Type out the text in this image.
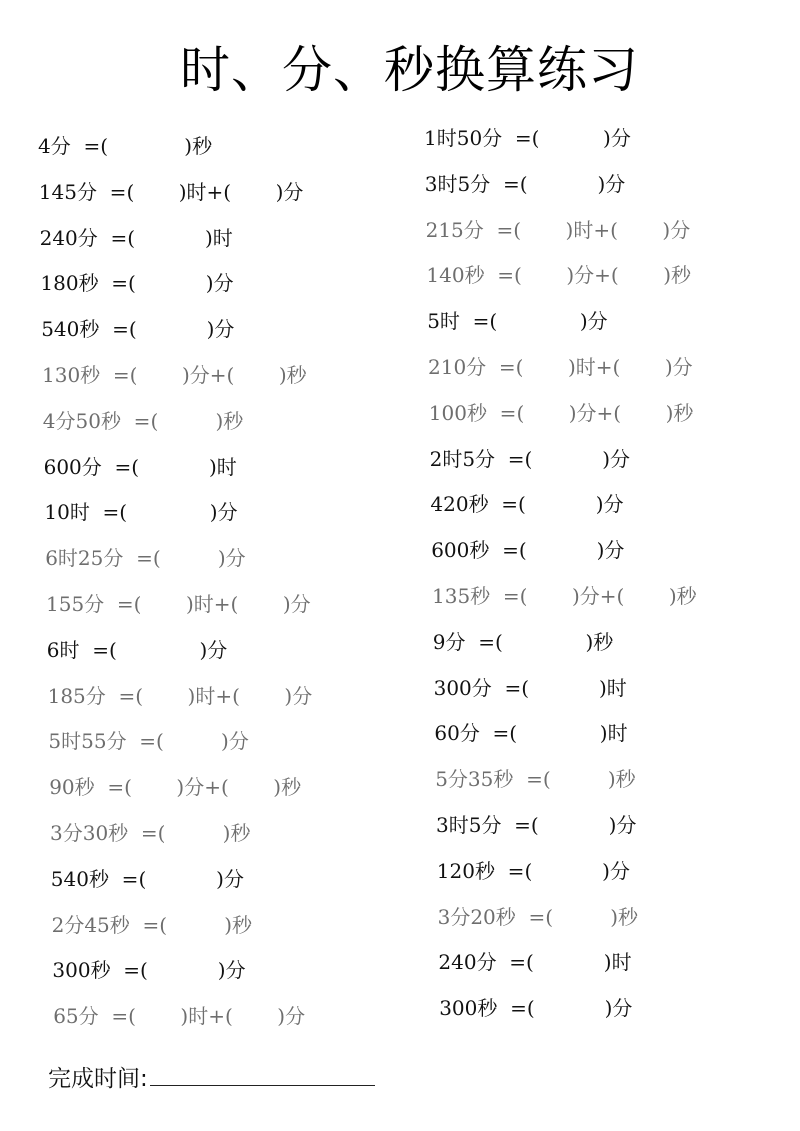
时、分、秒换算练习
4分  =(            )秒
145分  =(       )时+(       )分
240分  =(           )时
180秒  =(           )分
540秒  =(           )分
130秒  =(       )分+(       )秒
4分50秒  =(         )秒
600分  =(           )时
10时  =(             )分
6时25分  =(         )分
155分  =(       )时+(       )分
6时  =(             )分
185分  =(       )时+(       )分
5时55分  =(         )分
90秒  =(       )分+(       )秒
3分30秒  =(         )秒
540秒  =(           )分
2分45秒  =(         )秒
300秒  =(           )分
65分  =(       )时+(       )分
1时50分  =(          )分
3时5分  =(           )分
215分  =(       )时+(       )分
140秒  =(       )分+(       )秒
5时  =(             )分
210分  =(       )时+(       )分
100秒  =(       )分+(       )秒
2时5分  =(           )分
420秒  =(           )分
600秒  =(           )分
135秒  =(       )分+(       )秒
9分  =(             )秒
300分  =(           )时
60分  =(             )时
5分35秒  =(         )秒
3时5分  =(           )分
120秒  =(           )分
3分20秒  =(         )秒
240分  =(           )时
300秒  =(           )分
完成时间:
